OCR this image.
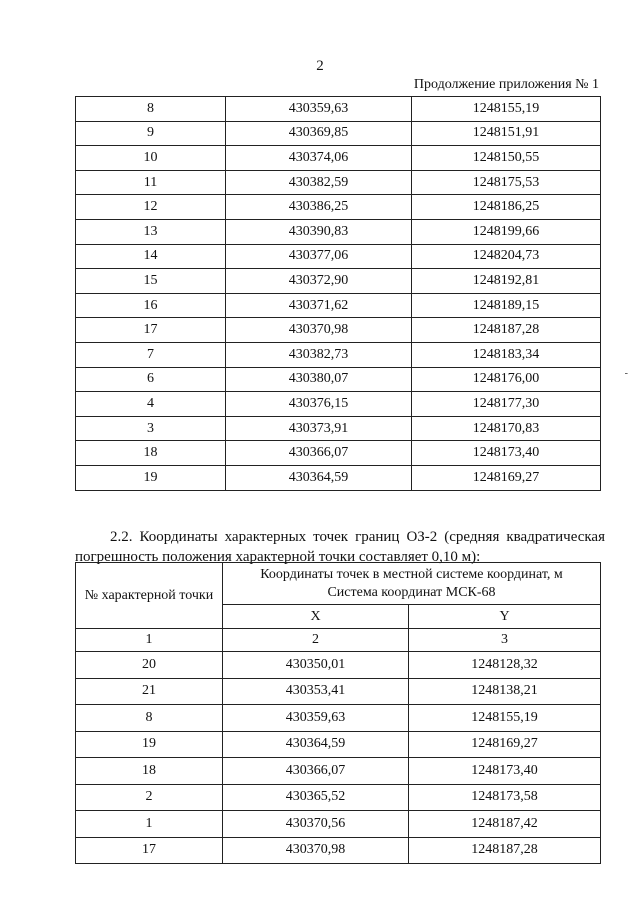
2
Продолжение приложения № 1
8	430359,63	1248155,19
9	430369,85	1248151,91
10	430374,06	1248150,55
11	430382,59	1248175,53
12	430386,25	1248186,25
13	430390,83	1248199,66
14	430377,06	1248204,73
15	430372,90	1248192,81
16	430371,62	1248189,15
17	430370,98	1248187,28
7	430382,73	1248183,34
6	430380,07	1248176,00
4	430376,15	1248177,30
3	430373,91	1248170,83
18	430366,07	1248173,40
19	430364,59	1248169,27

2.2. Координаты характерных точек границ ОЗ-2 (средняя квадратическая погрешность положения характерной точки составляет 0,10 м):

№ характерной точки	Координаты точек в местной системе координат, м
Система координат МСК-68	
	X	Y
1	2	3
20	430350,01	1248128,32
21	430353,41	1248138,21
8	430359,63	1248155,19
19	430364,59	1248169,27
18	430366,07	1248173,40
2	430365,52	1248173,58
1	430370,56	1248187,42
17	430370,98	1248187,28
-
